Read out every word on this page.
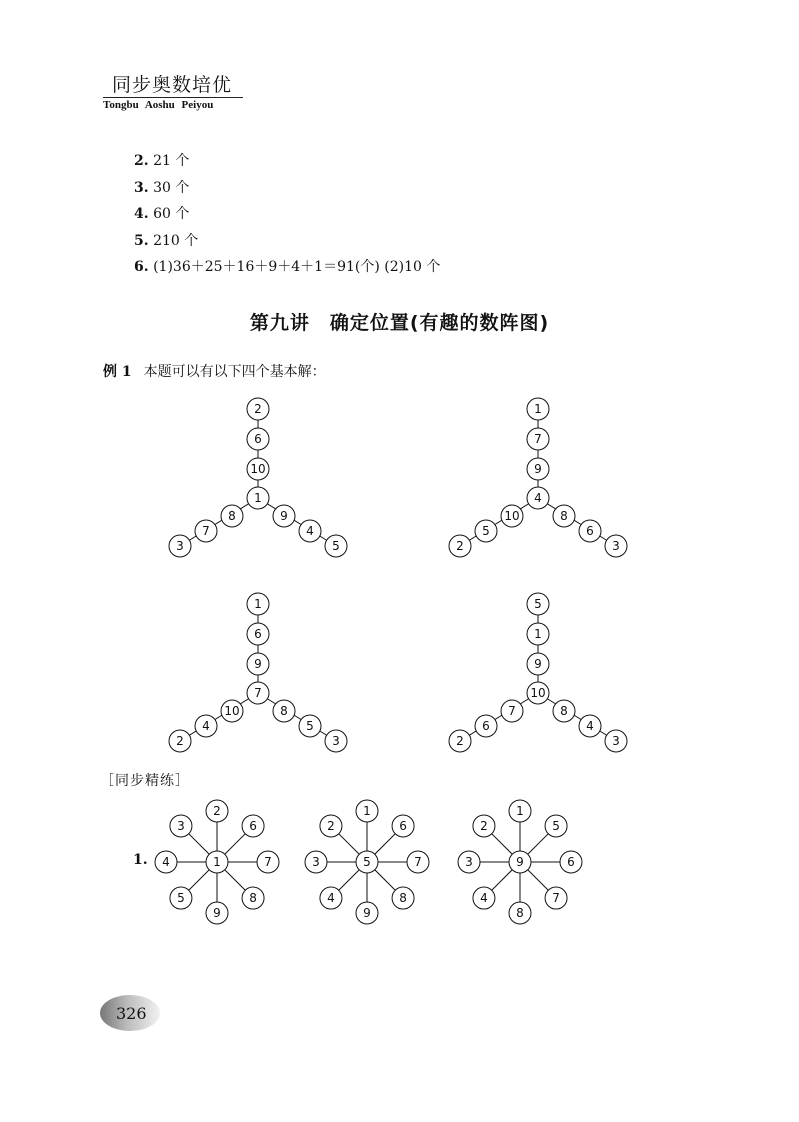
同步奥数培优
Tongbu Aoshu Peiyou
2. 21 个
3. 30 个
4. 60 个
5. 210 个
6. (1)36＋25＋16＋9＋4＋1＝91(个) (2)10 个
第九讲　确定位置(有趣的数阵图)
例 1 本题可以有以下四个基本解：
［同步精练］
1.
2
6
10
8
7
3
9
4
5
1
1
7
9
10
5
2
8
6
3
4
1
6
9
10
4
2
8
5
3
7
5
1
9
7
6
2
8
4
3
10
2
6
7
8
9
5
4
3
1
1
6
7
8
9
4
3
2
5
1
5
6
7
8
4
3
2
9
326
